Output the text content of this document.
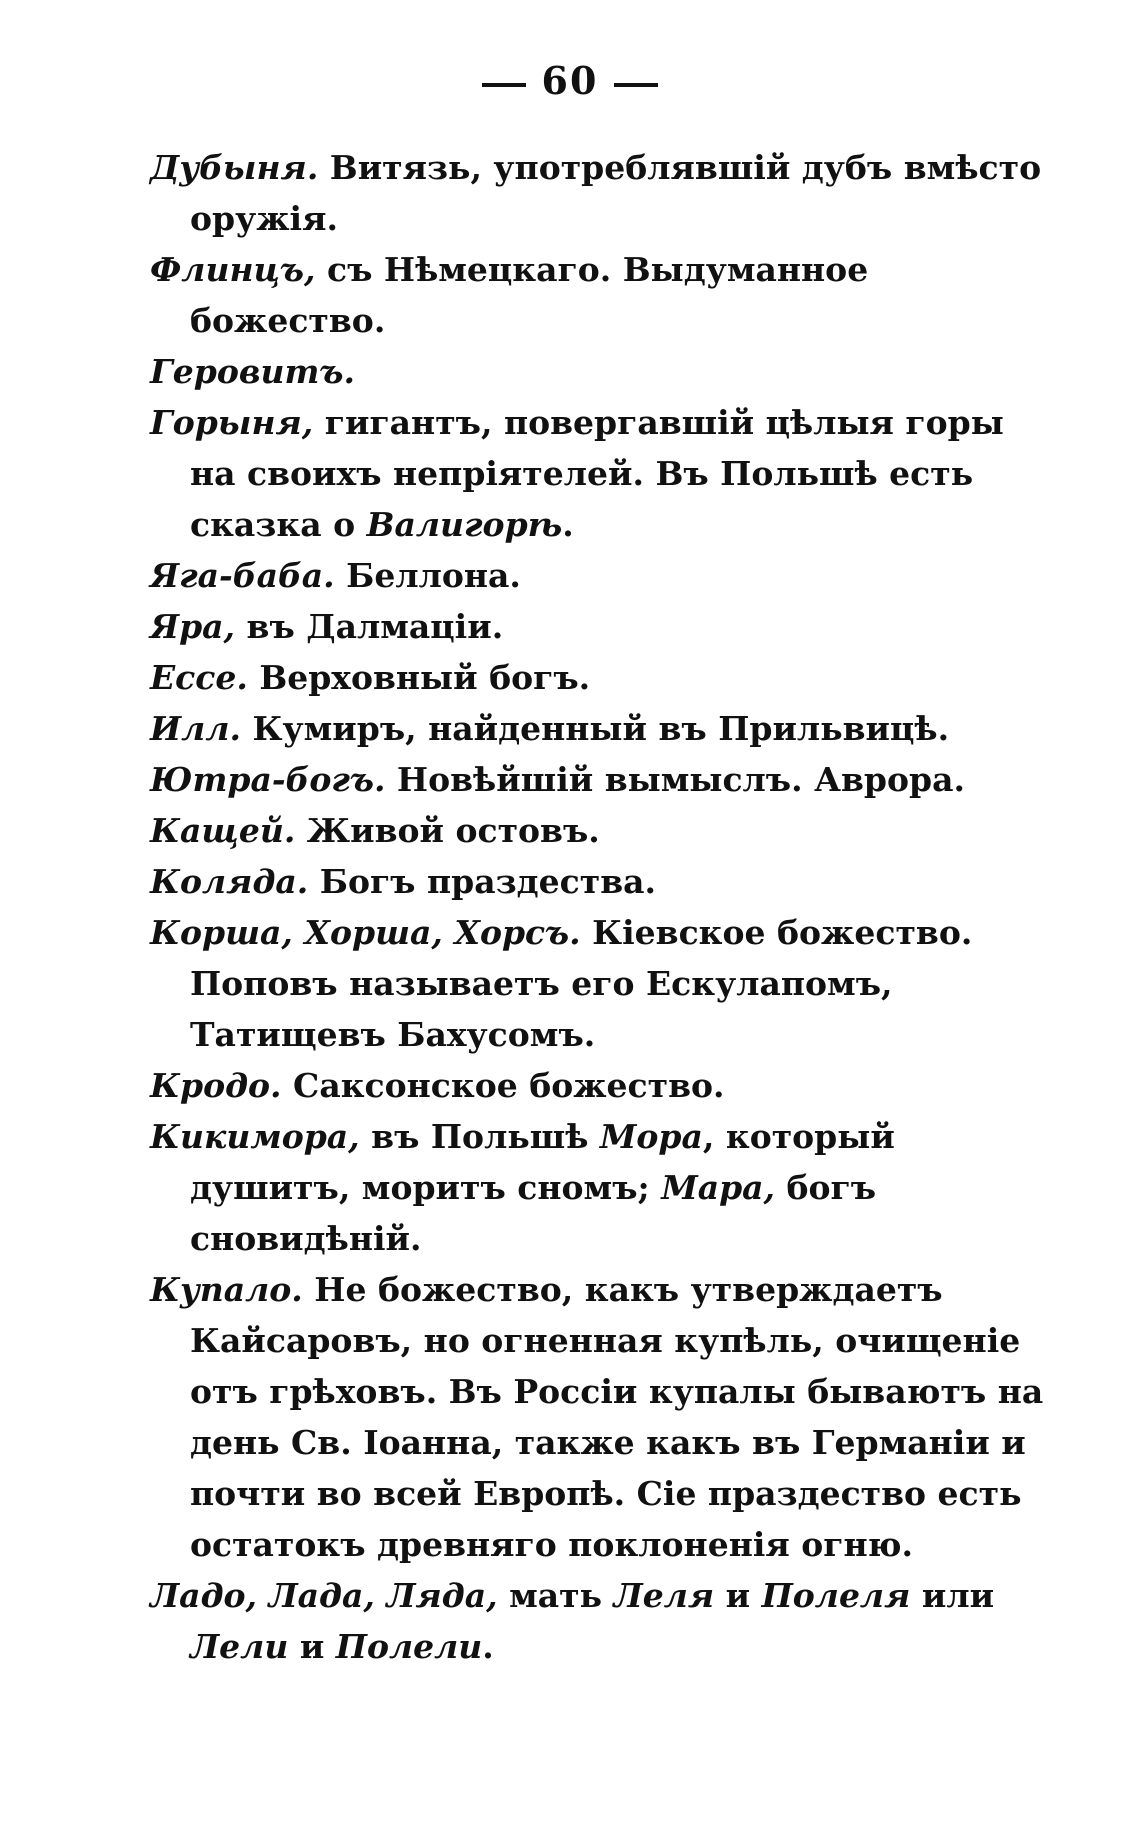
60

Дубыня. Витязь, употреблявшій дубъ вмѣсто оружія.

Флинцъ, съ Нѣмецкаго. Выдуманное божество.

Геровитъ.

Горыня, гигантъ, повергавшій цѣлыя горы на своихъ непріятелей. Въ Польшѣ есть сказка о Валигорѣ.

Яга-баба. Беллона.

Яра, въ Далмаціи.

Ессе. Верховный богъ.

Илл. Кумиръ, найденный въ Прильвицѣ.

Ютра-богъ. Новѣйшій вымыслъ. Аврора.

Кащей. Живой остовъ.

Коляда. Богъ праздества.

Корша, Хорша, Хорсъ. Кіевское божество. Поповъ называетъ его Ескулапомъ, Татищевъ Бахусомъ.

Кродо. Саксонское божество.

Кикимора, въ Польшѣ Мора, который душитъ, моритъ сномъ; Мара, богъ сновидѣній.

Купало. Не божество, какъ утверждаетъ Кайсаровъ, но огненная купѣль, очищеніе отъ грѣховъ. Въ Россіи купалы бываютъ на день Св. Іоанна, также какъ въ Германіи и почти во всей Европѣ. Сіе праздество есть остатокъ древняго поклоненія огню.

Ладо, Лада, Ляда, мать Леля и Полеля или Лели и Полели.
